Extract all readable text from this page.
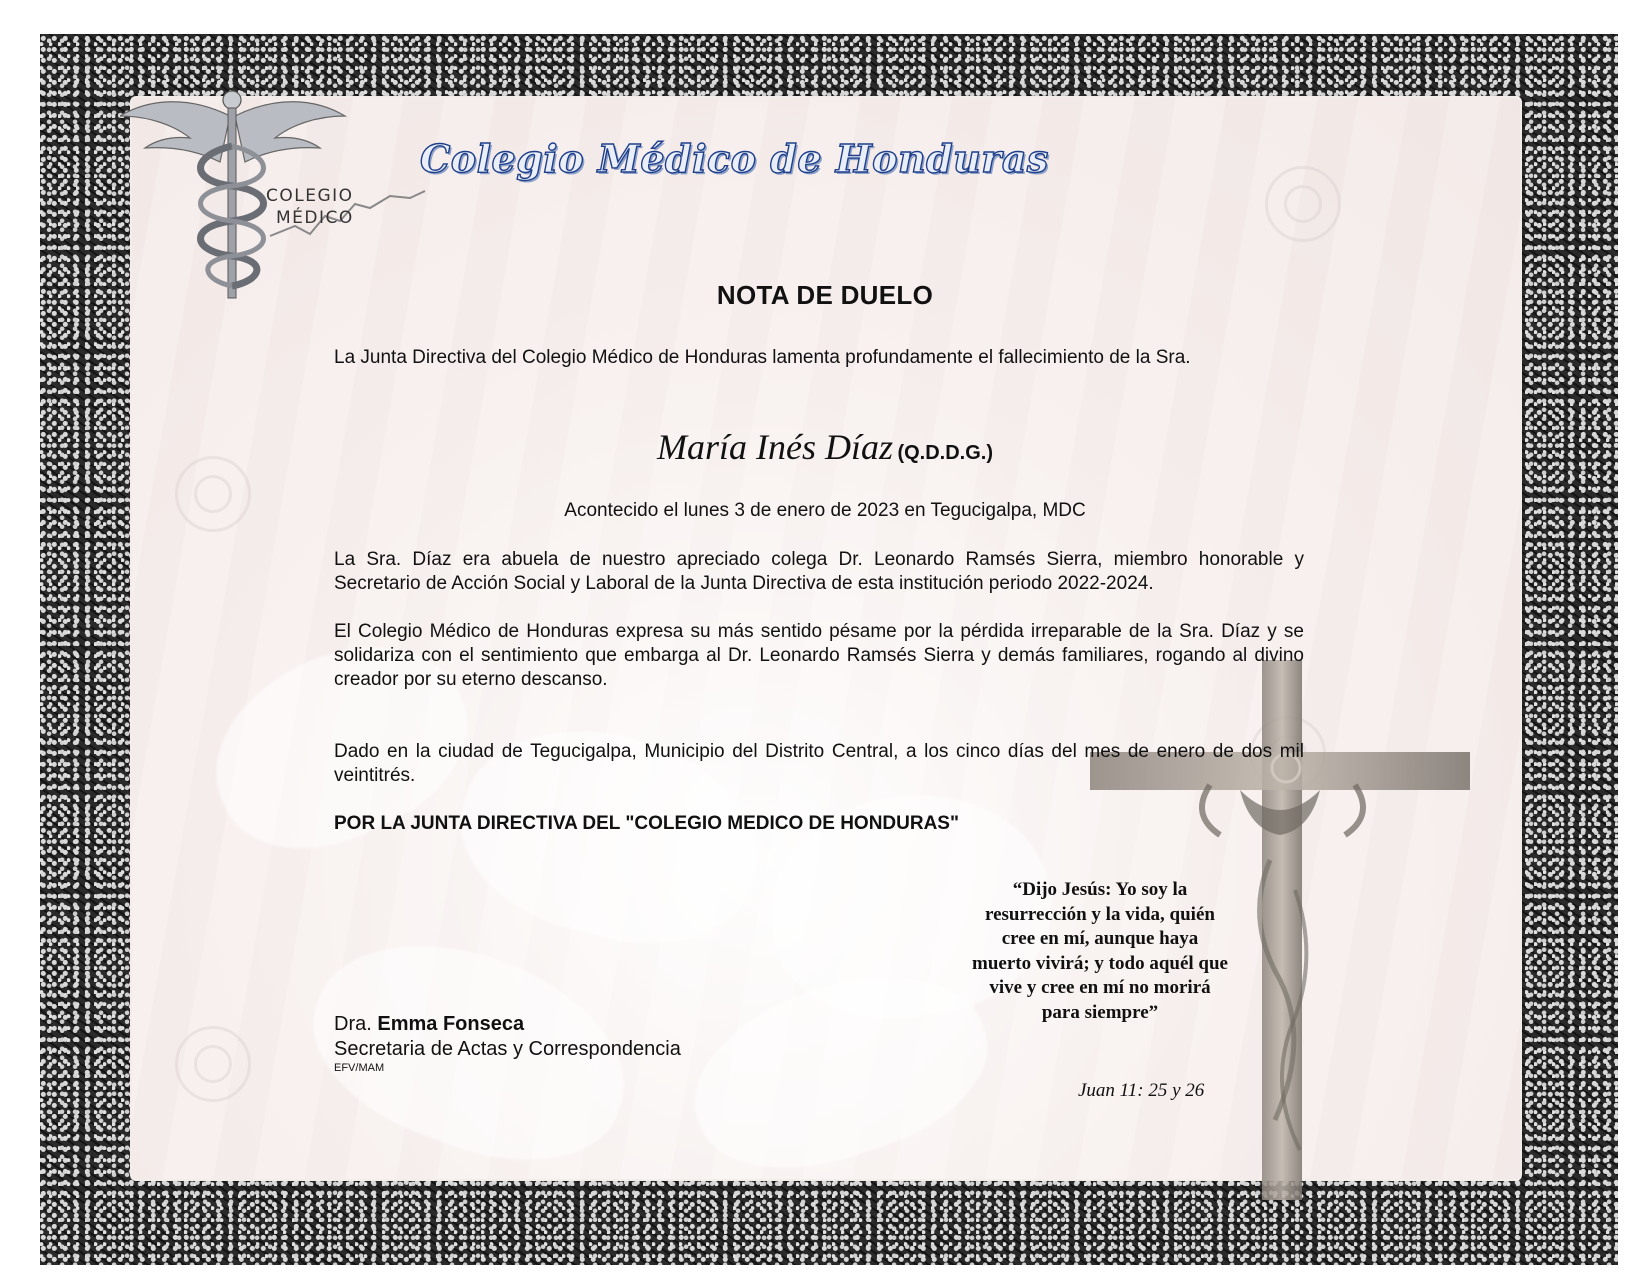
COLEGIO
MÉDICO
Colegio Médico de Honduras
NOTA DE DUELO
La Junta Directiva del Colegio Médico de Honduras lamenta profundamente el fallecimiento de la Sra.
María Inés Díaz (Q.D.D.G.)
Acontecido el lunes 3 de enero de 2023 en Tegucigalpa, MDC
La Sra. Díaz era abuela de nuestro apreciado colega Dr. Leonardo Ramsés Sierra, miembro honorable y Secretario de Acción Social y Laboral de la Junta Directiva de esta institución periodo 2022-2024.
El Colegio Médico de Honduras expresa su más sentido pésame por la pérdida irreparable de la Sra. Díaz y se solidariza con el sentimiento que embarga al Dr. Leonardo Ramsés Sierra y demás familiares, rogando al divino creador por su eterno descanso.
Dado en la ciudad de Tegucigalpa, Municipio del Distrito Central, a los cinco días del mes de enero de dos mil veintitrés.
POR LA JUNTA DIRECTIVA DEL "COLEGIO MEDICO DE HONDURAS"
Dra. Emma Fonseca
Secretaria de Actas y Correspondencia
EFV/MAM
“Dijo Jesús: Yo soy la resurrección y la vida, quién cree en mí, aunque haya muerto vivirá; y todo aquél que vive y cree en mí no morirá para siempre”
Juan 11: 25 y 26
